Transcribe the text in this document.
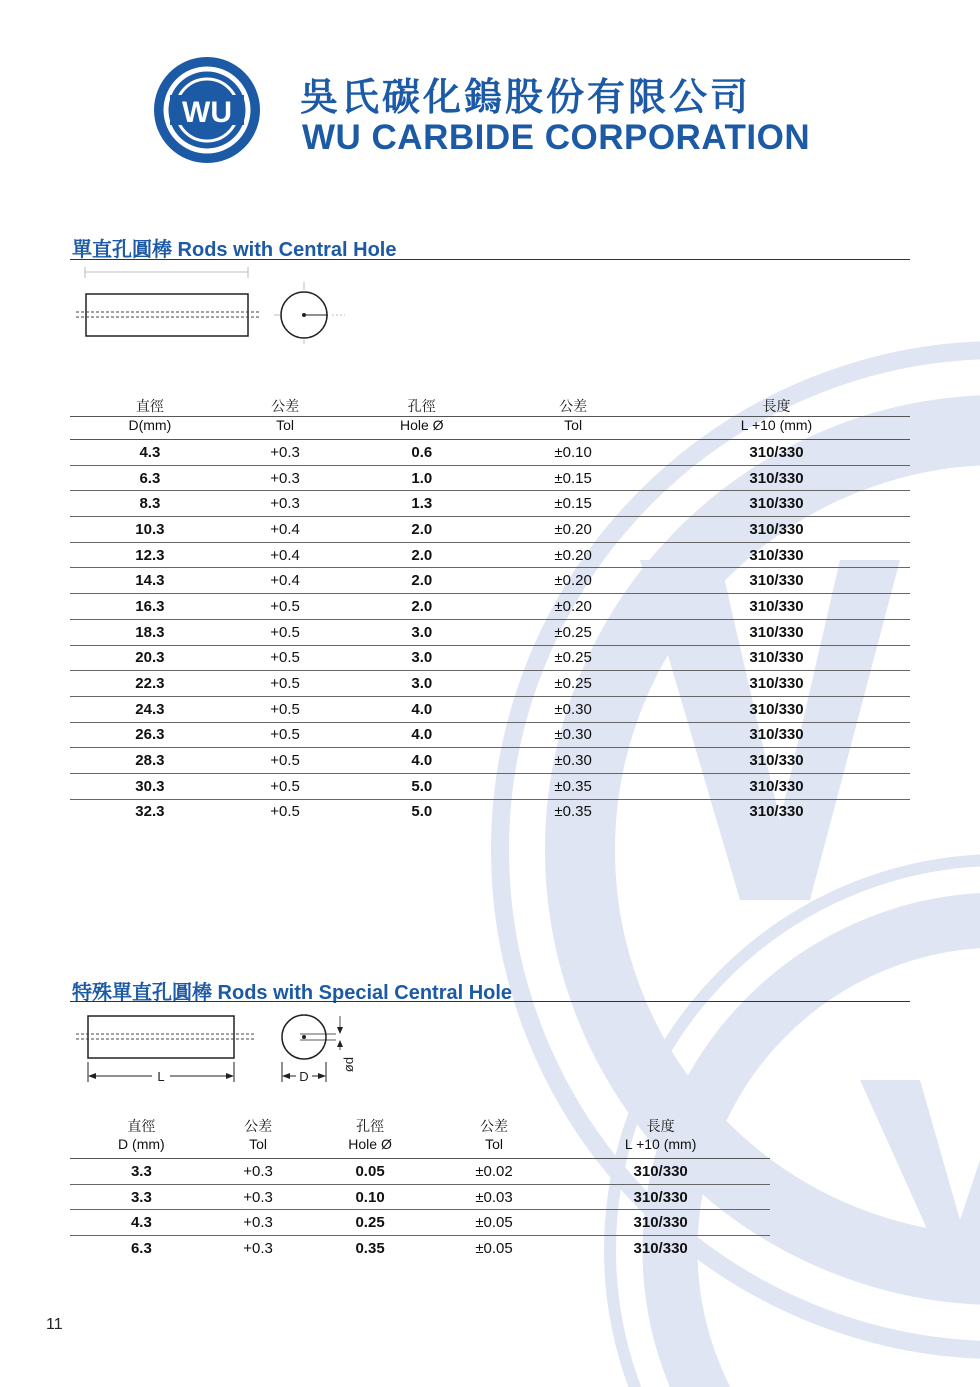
WU 吳氏碳化鎢股份有限公司
WU CARBIDE CORPORATION
單直孔圓棒 Rods with Central Hole
直徑	公差	孔徑	公差	長度
D(mm)	Tol	Hole Ø	Tol	L +10 (mm)
4.3	+0.3	0.6	±0.10	310/330
6.3	+0.3	1.0	±0.15	310/330
8.3	+0.3	1.3	±0.15	310/330
10.3	+0.4	2.0	±0.20	310/330
12.3	+0.4	2.0	±0.20	310/330
14.3	+0.4	2.0	±0.20	310/330
16.3	+0.5	2.0	±0.20	310/330
18.3	+0.5	3.0	±0.25	310/330
20.3	+0.5	3.0	±0.25	310/330
22.3	+0.5	3.0	±0.25	310/330
24.3	+0.5	4.0	±0.30	310/330
26.3	+0.5	4.0	±0.30	310/330
28.3	+0.5	4.0	±0.30	310/330
30.3	+0.5	5.0	±0.35	310/330
32.3	+0.5	5.0	±0.35	310/330
特殊單直孔圓棒 Rods with Special Central Hole
L
pø
D
直徑	公差	孔徑	公差	長度
D (mm)	Tol	Hole Ø	Tol	L +10 (mm)
3.3	+0.3	0.05	±0.02	310/330
3.3	+0.3	0.10	±0.03	310/330
4.3	+0.3	0.25	±0.05	310/330
6.3	+0.3	0.35	±0.05	310/330
11
